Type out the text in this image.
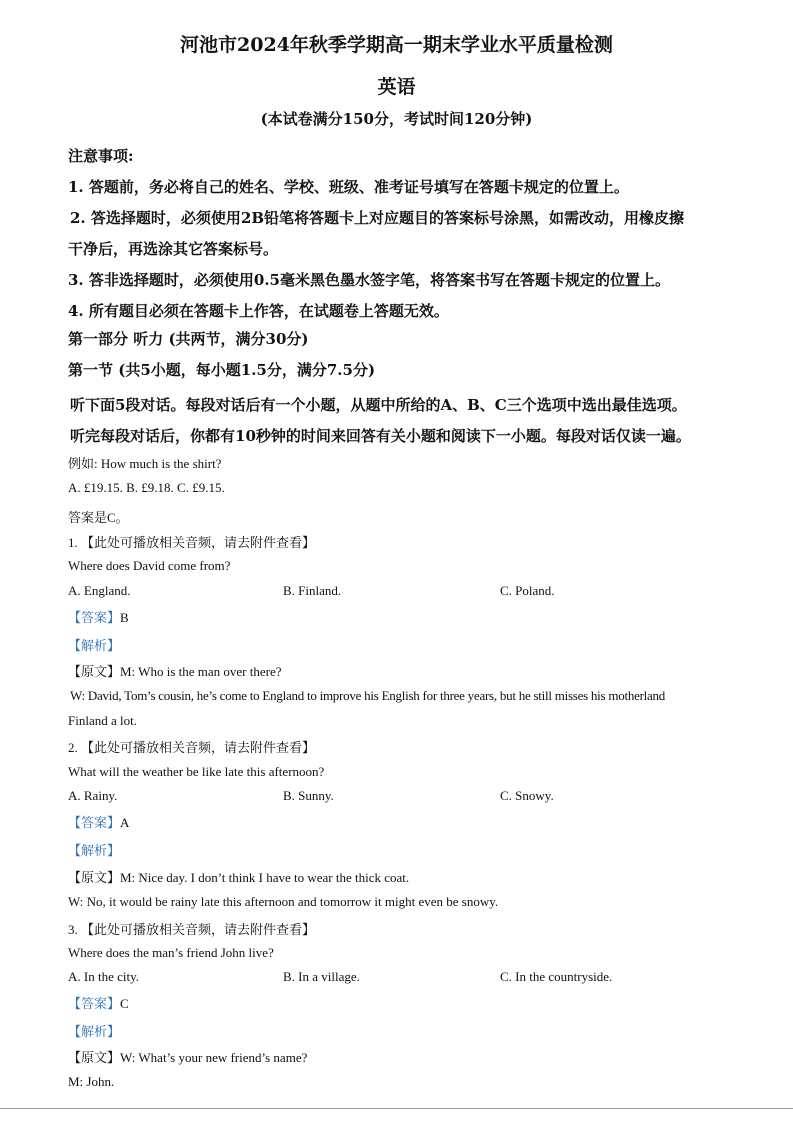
河池市2024年秋季学期高一期末学业水平质量检测
英语
(本试卷满分150分，考试时间120分钟)
注意事项:
1. 答题前，务必将自己的姓名、学校、班级、准考证号填写在答题卡规定的位置上。
2. 答选择题时，必须使用2B铅笔将答题卡上对应题目的答案标号涂黑，如需改动，用橡皮擦
干净后，再选涂其它答案标号。
3. 答非选择题时，必须使用0.5毫米黑色墨水签字笔，将答案书写在答题卡规定的位置上。
4. 所有题目必须在答题卡上作答，在试题卷上答题无效。
第一部分 听力 (共两节，满分30分)
第一节 (共5小题，每小题1.5分，满分7.5分)
听下面5段对话。每段对话后有一个小题，从题中所给的A、B、C三个选项中选出最佳选项。
听完每段对话后，你都有10秒钟的时间来回答有关小题和阅读下一小题。每段对话仅读一遍。
例如: How much is the shirt?
A. £19.15. B. £9.18. C. £9.15.
答案是C。
1. 【此处可播放相关音频，请去附件查看】
Where does David come from?
A. England.	B. Finland.	C. Poland.
【答案】B
【解析】
【原文】M: Who is the man over there?
W: David, Tom’s cousin, he’s come to England to improve his English for three years, but he still misses his motherland
Finland a lot.
2. 【此处可播放相关音频，请去附件查看】
What will the weather be like late this afternoon?
A. Rainy.	B. Sunny.	C. Snowy.
【答案】A
【解析】
【原文】M: Nice day. I don’t think I have to wear the thick coat.
W: No, it would be rainy late this afternoon and tomorrow it might even be snowy.
3. 【此处可播放相关音频，请去附件查看】
Where does the man’s friend John live?
A. In the city.	B. In a village.	C. In the countryside.
【答案】C
【解析】
【原文】W: What’s your new friend’s name?
M: John.
